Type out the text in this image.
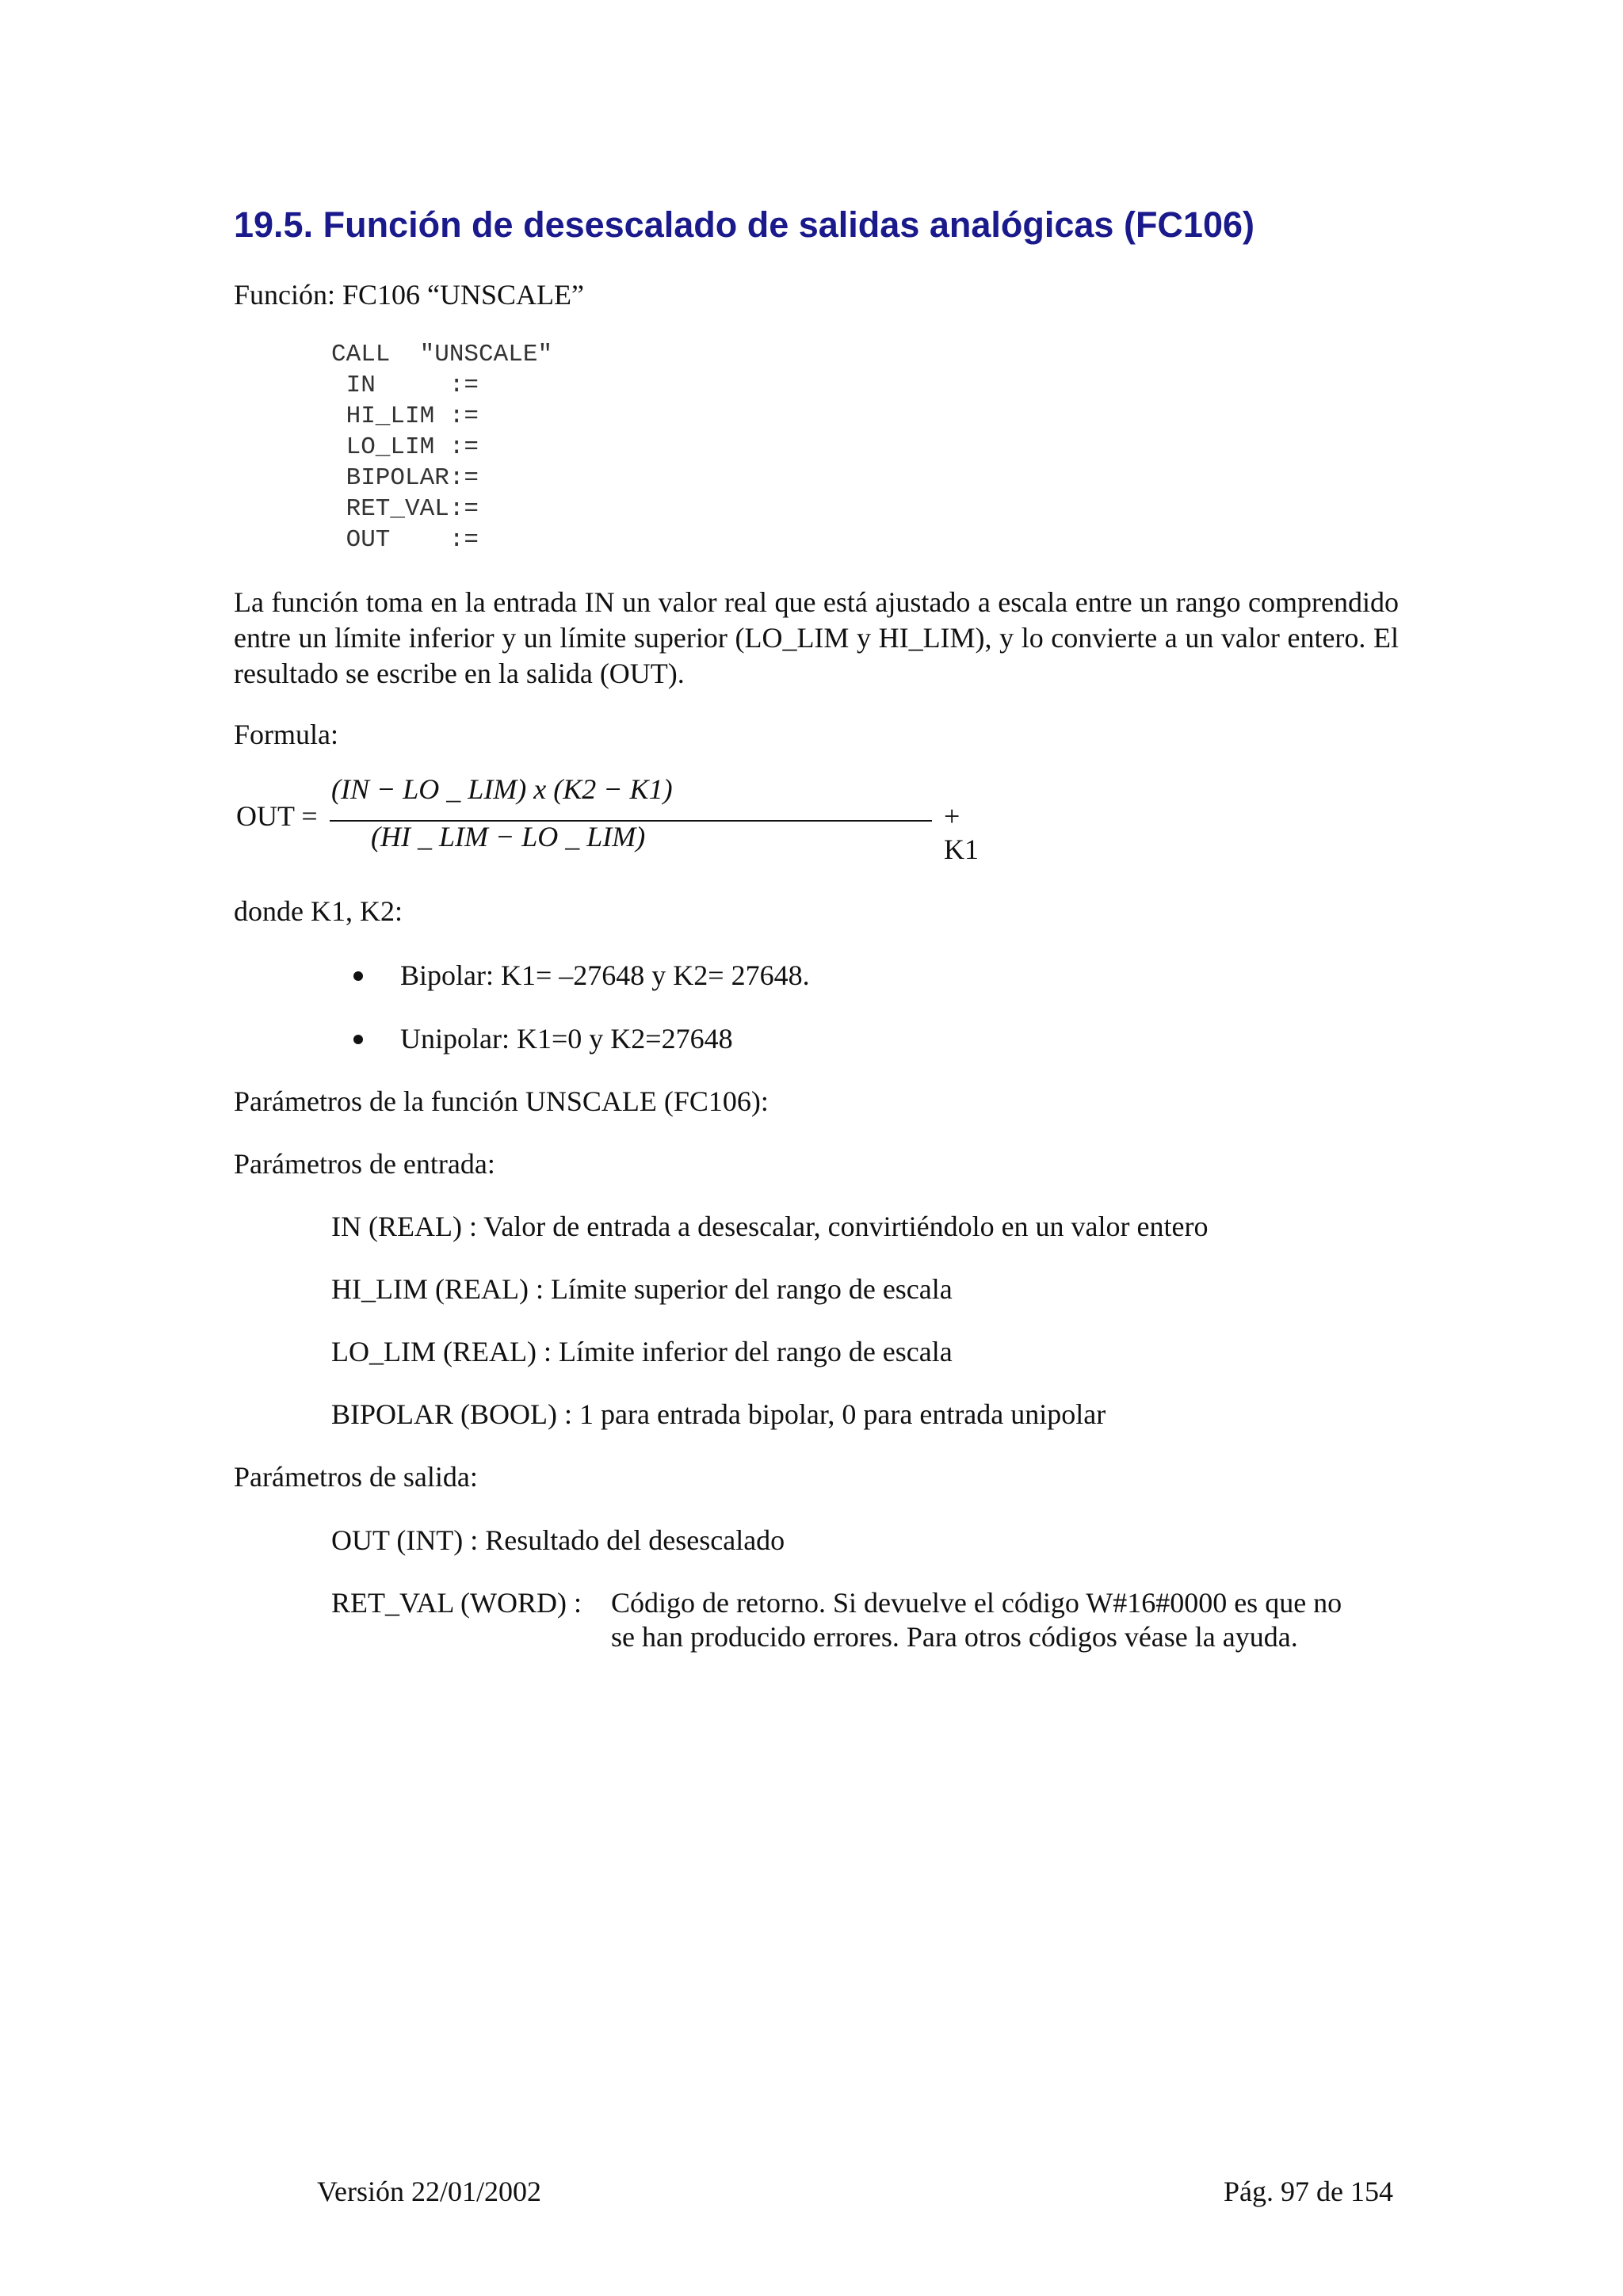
19.5. Función de desescalado de salidas analógicas (FC106)
Función: FC106 “UNSCALE”
CALL  "UNSCALE"
IN     :=
HI_LIM :=
LO_LIM :=
BIPOLAR:=
RET_VAL:=
OUT    :=
La función toma en la entrada IN un valor real que está ajustado a escala entre un rango comprendido entre un límite inferior y un límite superior (LO_LIM y HI_LIM), y lo convierte a un valor entero. El resultado se escribe en la salida (OUT).
Formula:
OUT =
(IN − LO _ LIM) x (K2 − K1)
(HI _ LIM − LO _ LIM)
+ K1
donde K1, K2:
Bipolar: K1= –27648 y K2= 27648.
Unipolar: K1=0 y K2=27648
Parámetros de la función UNSCALE (FC106):
Parámetros de entrada:
IN (REAL) : Valor de entrada a desescalar, convirtiéndolo en un valor entero
HI_LIM (REAL) : Límite superior del rango de escala
LO_LIM (REAL) : Límite inferior del rango de escala
BIPOLAR (BOOL) : 1 para entrada bipolar, 0 para entrada unipolar
Parámetros de salida:
OUT (INT) : Resultado del desescalado
RET_VAL (WORD) : Código de retorno. Si devuelve el código W#16#0000 es que no
se han producido errores. Para otros códigos véase la ayuda.
Versión 22/01/2002	Pág. 97 de 154
